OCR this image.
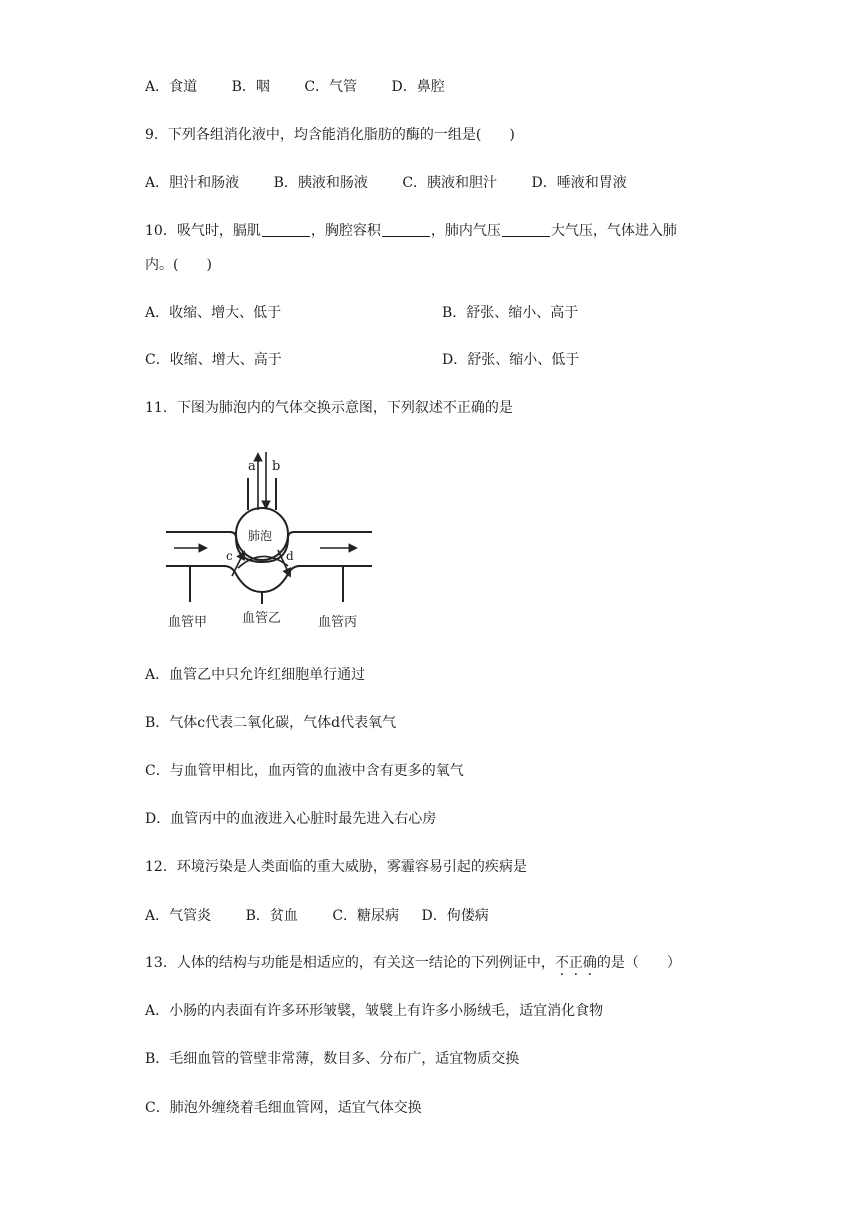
A．食道 B．咽 C．气管 D．鼻腔
9．下列各组消化液中，均含能消化脂肪的酶的一组是(　　)
A．胆汁和肠液 B．胰液和肠液 C．胰液和胆汁 D．唾液和胃液
10．吸气时，膈肌	，胸腔容积	，肺内气压	大气压，气体进入肺
内。(　　)
A．收缩、增大、低于	B．舒张、缩小、高于
C．收缩、增大、高于	D．舒张、缩小、低于
11．下图为肺泡内的气体交换示意图，下列叙述不正确的是
a b
肺泡
c	d
血管甲	血管乙	血管丙
A．血管乙中只允许红细胞单行通过
B．气体c代表二氧化碳，气体d代表氧气
C．与血管甲相比，血丙管的血液中含有更多的氧气
D．血管丙中的血液进入心脏时最先进入右心房
12．环境污染是人类面临的重大威胁，雾霾容易引起的疾病是
A．气管炎 B．贫血 C．糖尿病 D．佝偻病
13．人体的结构与功能是相适应的，有关这一结论的下列例证中，不正确的是（　　）
A．小肠的内表面有许多环形皱襞，皱襞上有许多小肠绒毛，适宜消化食物
B．毛细血管的管壁非常薄，数目多、分布广，适宜物质交换
C．肺泡外缠绕着毛细血管网，适宜气体交换
